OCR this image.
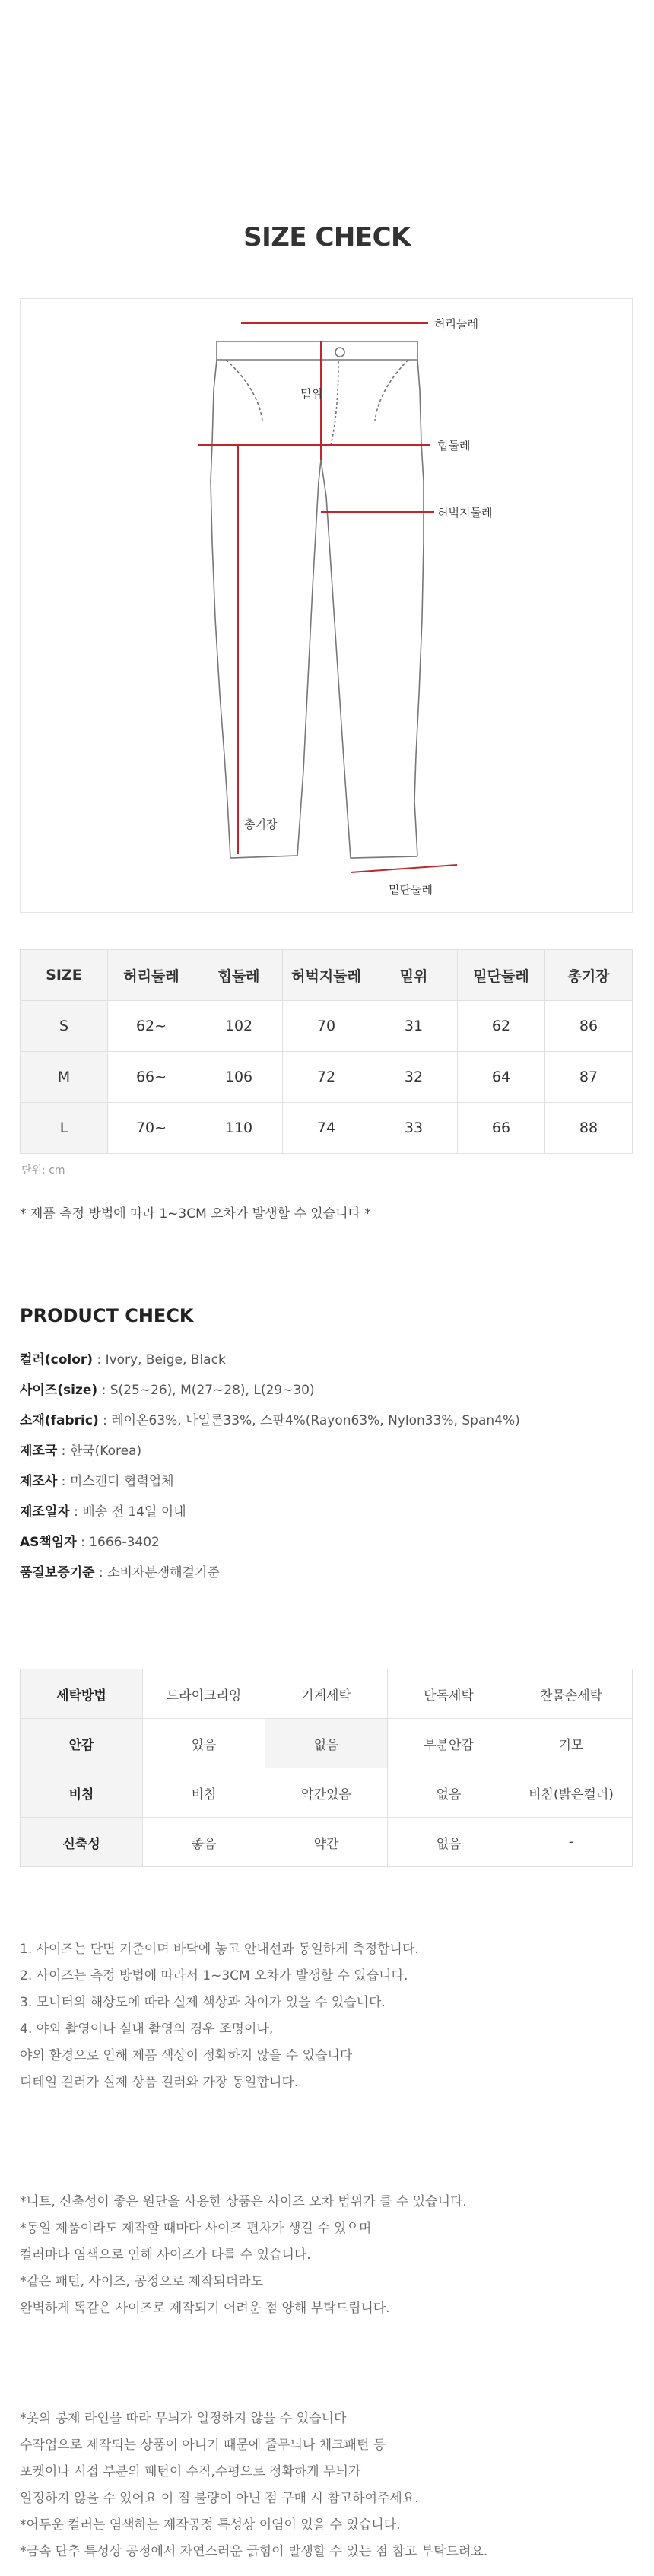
SIZE CHECK
허리둘레
밑위
힙둘레
허벅지둘레
총기장
밑단둘레
SIZE	허리둘레	힙둘레	허벅지둘레	밑위	밑단둘레	총기장
S	62~	102	70	31	62	86
M	66~	106	72	32	64	87
L	70~	110	74	33	66	88
단위: cm
* 제품 측정 방법에 따라 1~3CM 오차가 발생할 수 있습니다 *
PRODUCT CHECK
컬러(color) : Ivory, Beige, Black
사이즈(size) : S(25~26), M(27~28), L(29~30)
소재(fabric) : 레이온63%, 나일론33%, 스판4%(Rayon63%, Nylon33%, Span4%)
제조국 : 한국(Korea)
제조사 : 미스캔디 협력업체
제조일자 : 배송 전 14일 이내
AS책임자 : 1666-3402
품질보증기준 : 소비자분쟁해결기준
세탁방법	드라이크리잉	기계세탁	단독세탁	찬물손세탁
안감	있음	없음	부분안감	기모
비침	비침	약간있음	없음	비침(밝은컬러)
신축성	좋음	약간	없음	-
1. 사이즈는 단면 기준이며 바닥에 놓고 안내선과 동일하게 측정합니다.
2. 사이즈는 측정 방법에 따라서 1~3CM 오차가 발생할 수 있습니다.
3. 모니터의 해상도에 따라 실제 색상과 차이가 있을 수 있습니다.
4. 야외 촬영이나 실내 촬영의 경우 조명이나,
야외 환경으로 인해 제품 색상이 정확하지 않을 수 있습니다
디테일 컬러가 실제 상품 컬러와 가장 동일합니다.
*니트, 신축성이 좋은 원단을 사용한 상품은 사이즈 오차 범위가 클 수 있습니다.
*동일 제품이라도 제작할 때마다 사이즈 편차가 생길 수 있으며
컬러마다 염색으로 인해 사이즈가 다를 수 있습니다.
*같은 패턴, 사이즈, 공정으로 제작되더라도
완벽하게 똑같은 사이즈로 제작되기 어려운 점 양해 부탁드립니다.
*옷의 봉제 라인을 따라 무늬가 일정하지 않을 수 있습니다
수작업으로 제작되는 상품이 아니기 때문에 줄무늬나 체크패턴 등
포켓이나 시접 부분의 패턴이 수직,수평으로 정확하게 무늬가
일정하지 않을 수 있어요 이 점 불량이 아닌 점 구매 시 참고하여주세요.
*어두운 컬러는 염색하는 제작공정 특성상 이염이 있을 수 있습니다.
*금속 단추 특성상 공정에서 자연스러운 긁힘이 발생할 수 있는 점 참고 부탁드려요.
